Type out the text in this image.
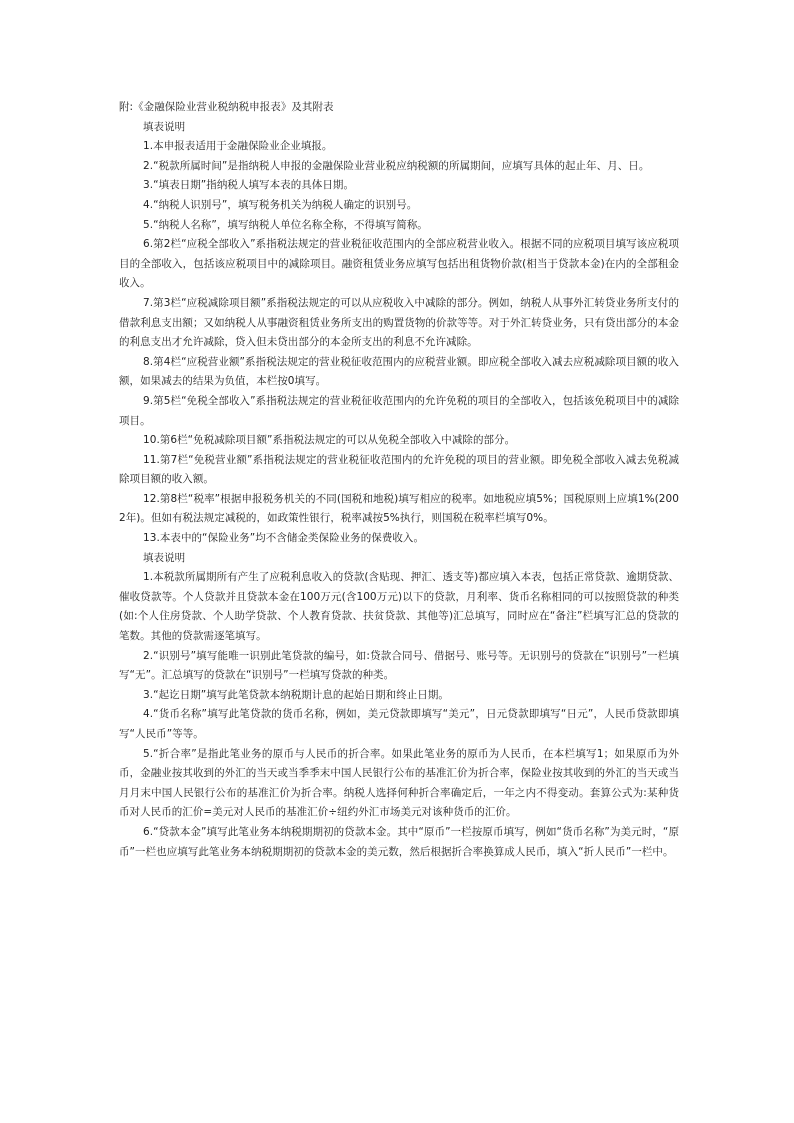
附:《金融保险业营业税纳税申报表》及其附表

填表说明

1.本申报表适用于金融保险业企业填报。

2.“税款所属时间”是指纳税人申报的金融保险业营业税应纳税额的所属期间，应填写具体的起止年、月、日。

3.“填表日期”指纳税人填写本表的具体日期。

4.“纳税人识别号”，填写税务机关为纳税人确定的识别号。

5.“纳税人名称”，填写纳税人单位名称全称，不得填写简称。

6.第2栏“应税全部收入”系指税法规定的营业税征收范围内的全部应税营业收入。根据不同的应税项目填写该应税项目的全部收入，包括该应税项目中的减除项目。融资租赁业务应填写包括出租货物价款(相当于贷款本金)在内的全部租金收入。

7.第3栏“应税减除项目额”系指税法规定的可以从应税收入中减除的部分。例如，纳税人从事外汇转贷业务所支付的借款利息支出额；又如纳税人从事融资租赁业务所支出的购置货物的价款等等。对于外汇转贷业务，只有贷出部分的本金的利息支出才允许减除，贷入但未贷出部分的本金所支出的利息不允许减除。

8.第4栏“应税营业额”系指税法规定的营业税征收范围内的应税营业额。即应税全部收入减去应税减除项目额的收入额，如果减去的结果为负值，本栏按0填写。

9.第5栏“免税全部收入”系指税法规定的营业税征收范围内的允许免税的项目的全部收入，包括该免税项目中的减除项目。

10.第6栏“免税减除项目额”系指税法规定的可以从免税全部收入中减除的部分。

11.第7栏“免税营业额”系指税法规定的营业税征收范围内的允许免税的项目的营业额。即免税全部收入减去免税减除项目额的收入额。

12.第8栏“税率”根据申报税务机关的不同(国税和地税)填写相应的税率。如地税应填5%；国税原则上应填1%(2002年)。但如有税法规定减税的，如政策性银行，税率减按5%执行，则国税在税率栏填写0%。

13.本表中的“保险业务”均不含储金类保险业务的保费收入。

填表说明

1.本税款所属期所有产生了应税利息收入的贷款(含贴现、押汇、透支等)都应填入本表，包括正常贷款、逾期贷款、催收贷款等。个人贷款并且贷款本金在100万元(含100万元)以下的贷款，月利率、货币名称相同的可以按照贷款的种类(如:个人住房贷款、个人助学贷款、个人教育贷款、扶贫贷款、其他等)汇总填写，同时应在“备注”栏填写汇总的贷款的笔数。其他的贷款需逐笔填写。

2.“识别号”填写能唯一识别此笔贷款的编号，如:贷款合同号、借据号、账号等。无识别号的贷款在“识别号”一栏填写“无”。汇总填写的贷款在“识别号”一栏填写贷款的种类。

3.“起讫日期”填写此笔贷款本纳税期计息的起始日期和终止日期。

4.“货币名称”填写此笔贷款的货币名称，例如，美元贷款即填写“美元”，日元贷款即填写“日元”，人民币贷款即填写“人民币”等等。

5.“折合率”是指此笔业务的原币与人民币的折合率。如果此笔业务的原币为人民币，在本栏填写1；如果原币为外币，金融业按其收到的外汇的当天或当季季末中国人民银行公布的基准汇价为折合率，保险业按其收到的外汇的当天或当月月末中国人民银行公布的基准汇价为折合率。纳税人选择何种折合率确定后，一年之内不得变动。套算公式为:某种货币对人民币的汇价=美元对人民币的基准汇价÷纽约外汇市场美元对该种货币的汇价。

6.“贷款本金”填写此笔业务本纳税期期初的贷款本金。其中“原币”一栏按原币填写，例如“货币名称”为美元时，“原币”一栏也应填写此笔业务本纳税期期初的贷款本金的美元数，然后根据折合率换算成人民币，填入“折人民币”一栏中。
